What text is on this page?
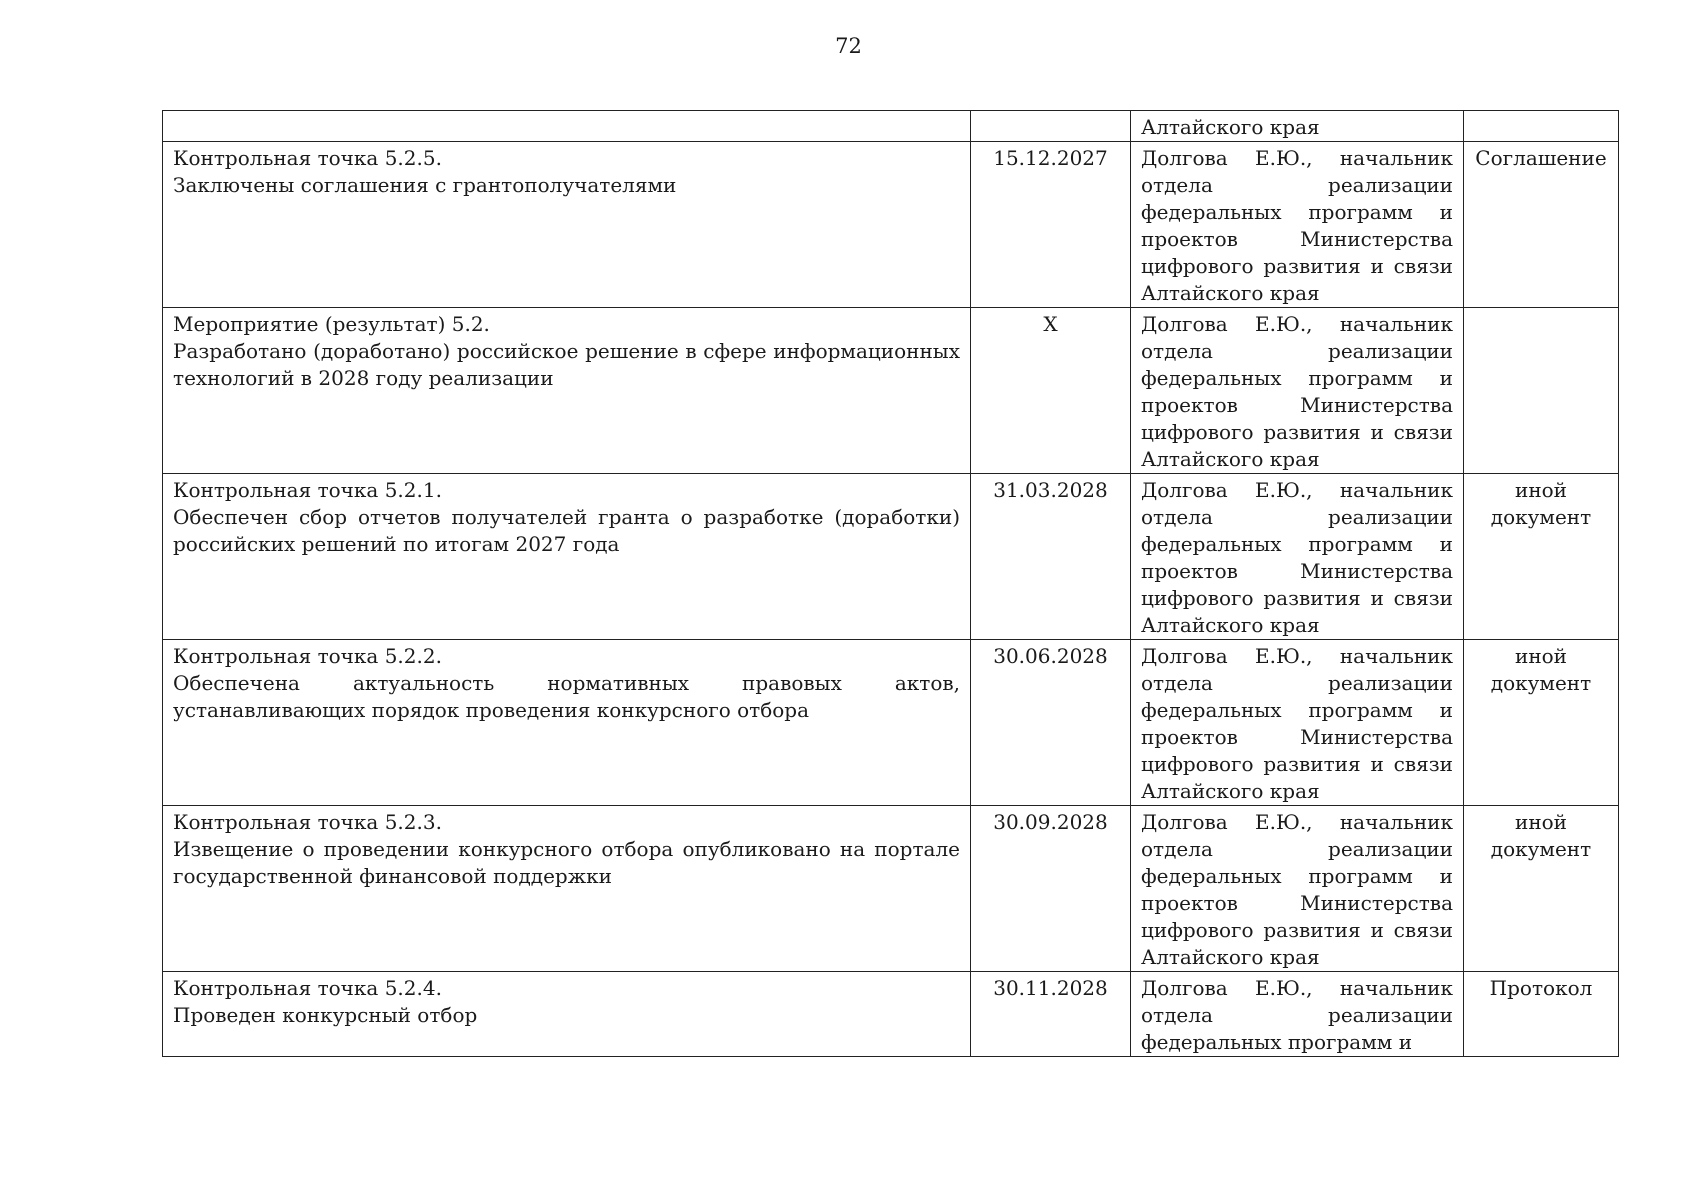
72
		Алтайского края	

Контрольная точка 5.2.5.
Заключены соглашения с грантополучателями	15.12.2027	Долгова Е.Ю., начальник отдела реализации федеральных программ и проектов Министерства цифрового развития и связи Алтайского края	Соглашение

Мероприятие (результат) 5.2.
Разработано (доработано) российское решение в сфере информационных технологий в 2028 году реализации	X	Долгова Е.Ю., начальник отдела реализации федеральных программ и проектов Министерства цифрового развития и связи Алтайского края	

Контрольная точка 5.2.1.
Обеспечен сбор отчетов получателей гранта о разработке (доработки) российских решений по итогам 2027 года	31.03.2028	Долгова Е.Ю., начальник отдела реализации федеральных программ и проектов Министерства цифрового развития и связи Алтайского края	иной документ

Контрольная точка 5.2.2.
Обеспечена актуальность нормативных правовых актов, устанавливающих порядок проведения конкурсного отбора	30.06.2028	Долгова Е.Ю., начальник отдела реализации федеральных программ и проектов Министерства цифрового развития и связи Алтайского края	иной документ

Контрольная точка 5.2.3.
Извещение о проведении конкурсного отбора опубликовано на портале государственной финансовой поддержки	30.09.2028	Долгова Е.Ю., начальник отдела реализации федеральных программ и проектов Министерства цифрового развития и связи Алтайского края	иной документ

Контрольная точка 5.2.4.
Проведен конкурсный отбор	30.11.2028	Долгова Е.Ю., начальник отдела реализации федеральных программ и	Протокол
